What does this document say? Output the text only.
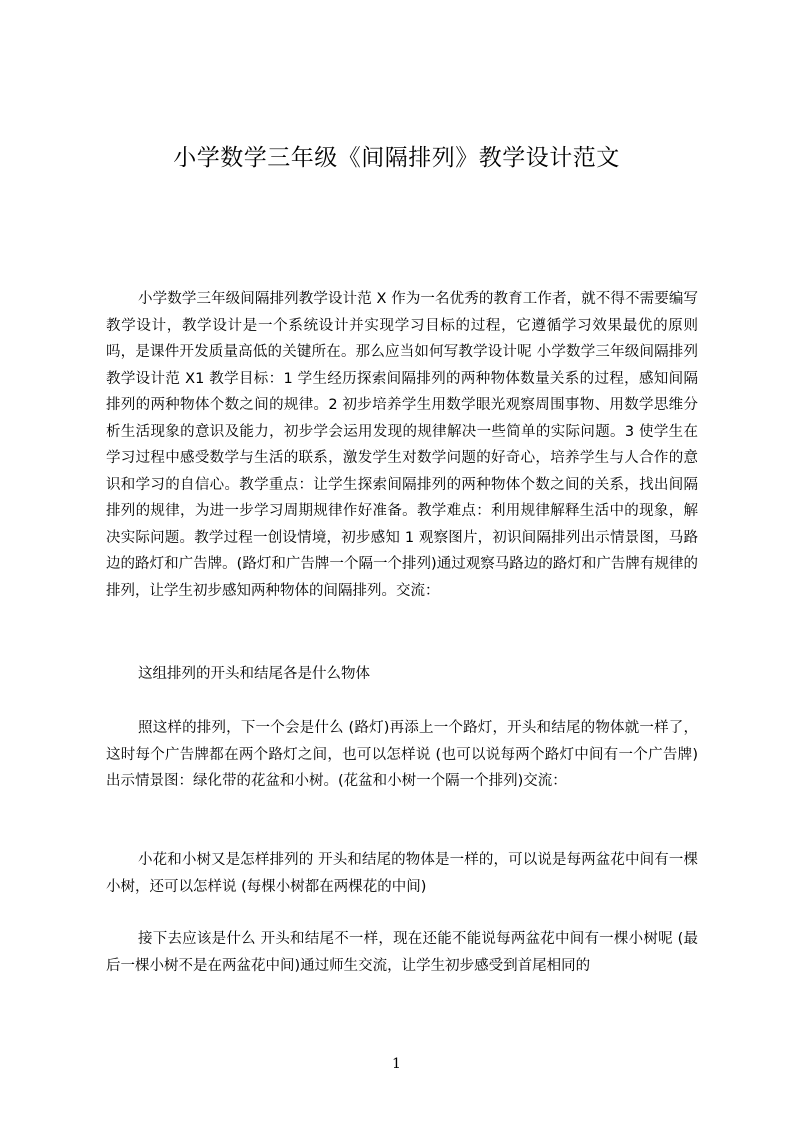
小学数学三年级《间隔排列》教学设计范文

小学数学三年级间隔排列教学设计范 X 作为一名优秀的教育工作者，就不得不需要编写教学设计，教学设计是一个系统设计并实现学习目标的过程，它遵循学习效果最优的原则吗，是课件开发质量高低的关键所在。那么应当如何写教学设计呢 小学数学三年级间隔排列教学设计范 X1 教学目标：1 学生经历探索间隔排列的两种物体数量关系的过程，感知间隔排列的两种物体个数之间的规律。2 初步培养学生用数学眼光观察周围事物、用数学思维分析生活现象的意识及能力，初步学会运用发现的规律解决一些简单的实际问题。3 使学生在学习过程中感受数学与生活的联系，激发学生对数学问题的好奇心，培养学生与人合作的意识和学习的自信心。教学重点：让学生探索间隔排列的两种物体个数之间的关系，找出间隔排列的规律，为进一步学习周期规律作好准备。教学难点：利用规律解释生活中的现象，解决实际问题。教学过程一创设情境，初步感知 1 观察图片，初识间隔排列出示情景图，马路边的路灯和广告牌。(路灯和广告牌一个隔一个排列)通过观察马路边的路灯和广告牌有规律的排列，让学生初步感知两种物体的间隔排列。交流：

这组排列的开头和结尾各是什么物体

照这样的排列，下一个会是什么 (路灯)再添上一个路灯，开头和结尾的物体就一样了，这时每个广告牌都在两个路灯之间，也可以怎样说 (也可以说每两个路灯中间有一个广告牌)出示情景图：绿化带的花盆和小树。(花盆和小树一个隔一个排列)交流：

小花和小树又是怎样排列的 开头和结尾的物体是一样的，可以说是每两盆花中间有一棵小树，还可以怎样说 (每棵小树都在两棵花的中间)

接下去应该是什么 开头和结尾不一样，现在还能不能说每两盆花中间有一棵小树呢 (最后一棵小树不是在两盆花中间)通过师生交流，让学生初步感受到首尾相同的

1
